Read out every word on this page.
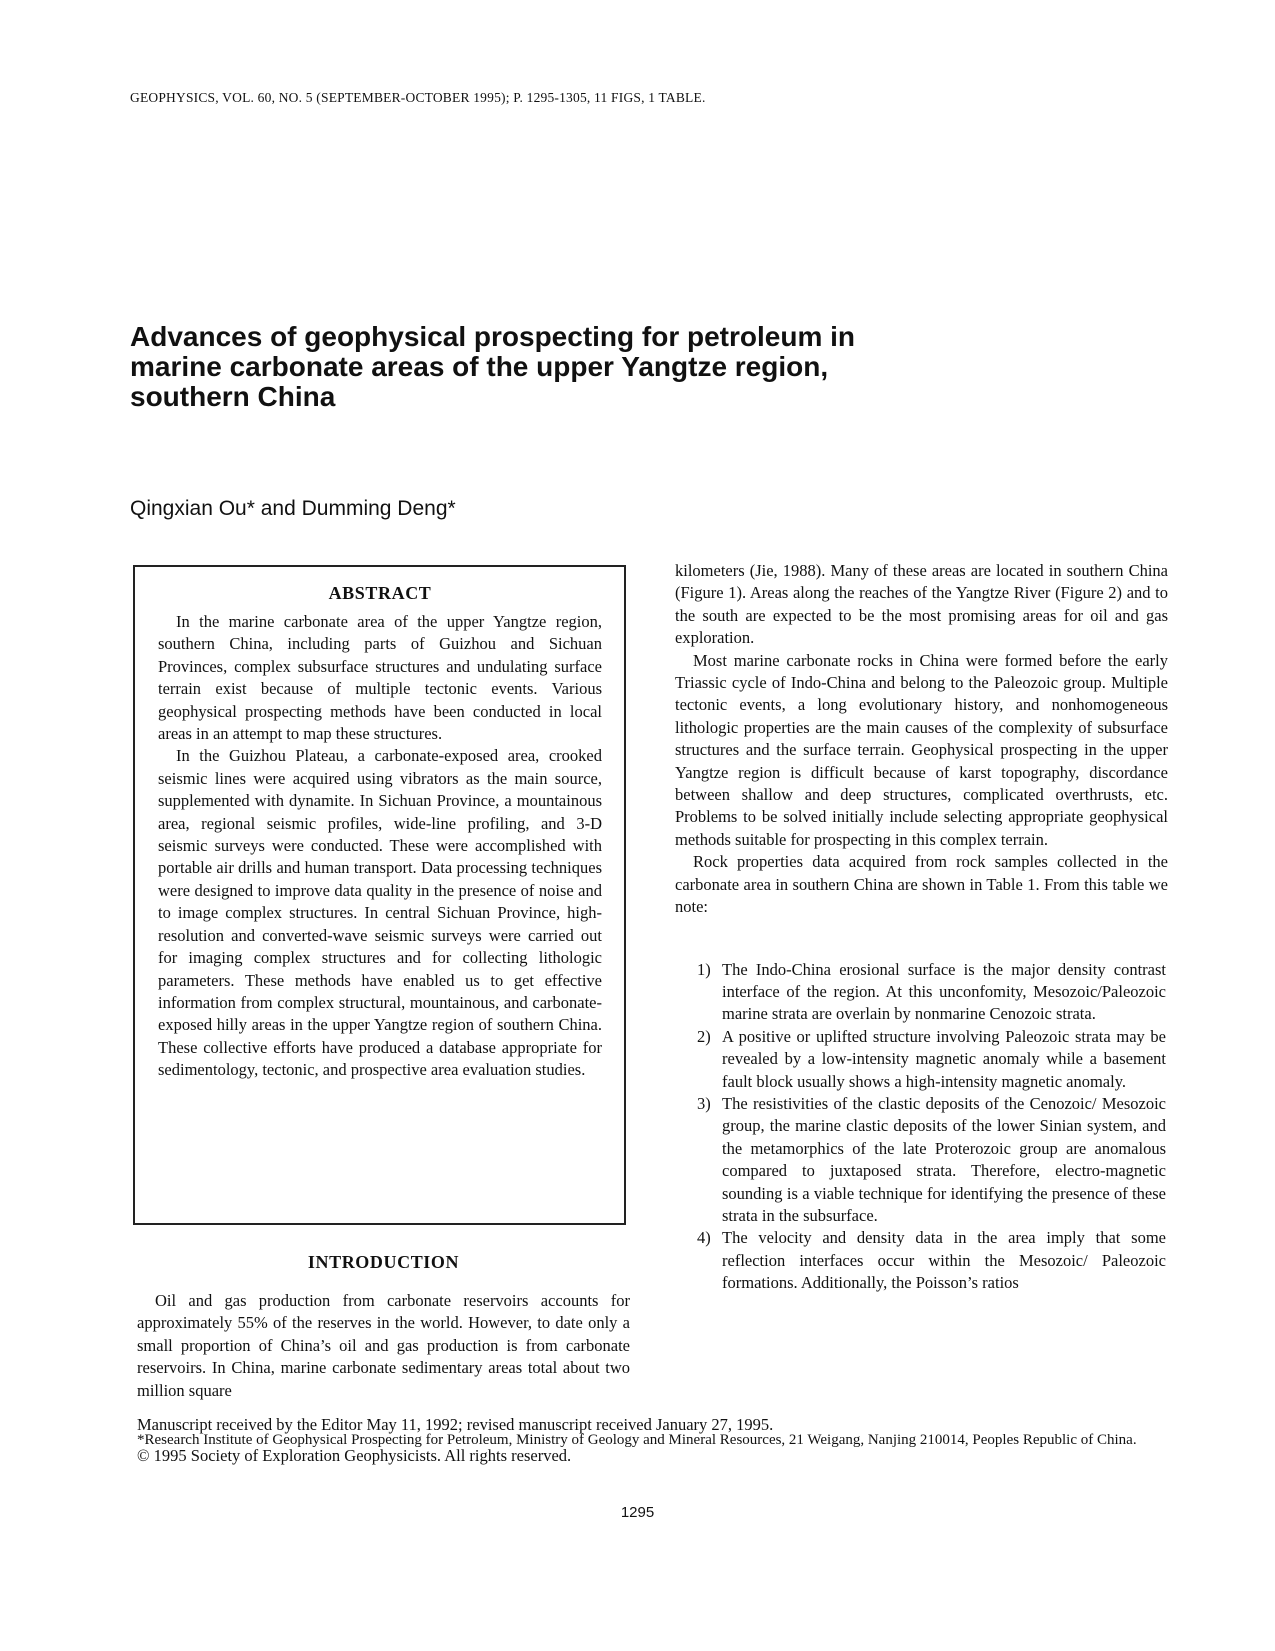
GEOPHYSICS, VOL. 60, NO. 5 (SEPTEMBER-OCTOBER 1995); P. 1295-1305, 11 FIGS, 1 TABLE.
Advances of geophysical prospecting for petroleum in marine carbonate areas of the upper Yangtze region, southern China
Qingxian Ou* and Dumming Deng*
ABSTRACT

In the marine carbonate area of the upper Yangtze region, southern China, including parts of Guizhou and Sichuan Provinces, complex subsurface structures and undulating surface terrain exist because of multiple tectonic events. Various geophysical prospecting methods have been conducted in local areas in an attempt to map these structures.

In the Guizhou Plateau, a carbonate-exposed area, crooked seismic lines were acquired using vibrators as the main source, supplemented with dynamite. In Sichuan Province, a mountainous area, regional seismic profiles, wide-line profiling, and 3-D seismic surveys were conducted. These were accomplished with portable air drills and human transport. Data processing techniques were designed to improve data quality in the presence of noise and to image complex structures. In central Sichuan Province, high-resolution and converted-wave seismic surveys were carried out for imaging complex structures and for collecting lithologic parameters. These methods have enabled us to get effective information from complex structural, mountainous, and carbonate-exposed hilly areas in the upper Yangtze region of southern China. These collective efforts have produced a database appropriate for sedimentology, tectonic, and prospective area evaluation studies.

INTRODUCTION

Oil and gas production from carbonate reservoirs accounts for approximately 55% of the reserves in the world. However, to date only a small proportion of China’s oil and gas production is from carbonate reservoirs. In China, marine carbonate sedimentary areas total about two million square

kilometers (Jie, 1988). Many of these areas are located in southern China (Figure 1). Areas along the reaches of the Yangtze River (Figure 2) and to the south are expected to be the most promising areas for oil and gas exploration.

Most marine carbonate rocks in China were formed before the early Triassic cycle of Indo-China and belong to the Paleozoic group. Multiple tectonic events, a long evolutionary history, and nonhomogeneous lithologic properties are the main causes of the complexity of subsurface structures and the surface terrain. Geophysical prospecting in the upper Yangtze region is difficult because of karst topography, discordance between shallow and deep structures, complicated overthrusts, etc. Problems to be solved initially include selecting appropriate geophysical methods suitable for prospecting in this complex terrain.

Rock properties data acquired from rock samples collected in the carbonate area in southern China are shown in Table 1. From this table we note:

1) The Indo-China erosional surface is the major density contrast interface of the region. At this unconfomity, Mesozoic/Paleozoic marine strata are overlain by nonmarine Cenozoic strata.
2) A positive or uplifted structure involving Paleozoic strata may be revealed by a low-intensity magnetic anomaly while a basement fault block usually shows a high-intensity magnetic anomaly.
3) The resistivities of the clastic deposits of the Cenozoic/ Mesozoic group, the marine clastic deposits of the lower Sinian system, and the metamorphics of the late Proterozoic group are anomalous compared to juxtaposed strata. Therefore, electro-magnetic sounding is a viable technique for identifying the presence of these strata in the subsurface.
4) The velocity and density data in the area imply that some reflection interfaces occur within the Mesozoic/ Paleozoic formations. Additionally, the Poisson’s ratios

Manuscript received by the Editor May 11, 1992; revised manuscript received January 27, 1995.

*Research Institute of Geophysical Prospecting for Petroleum, Ministry of Geology and Mineral Resources, 21 Weigang, Nanjing 210014, Peoples Republic of China.

© 1995 Society of Exploration Geophysicists. All rights reserved.

1295
